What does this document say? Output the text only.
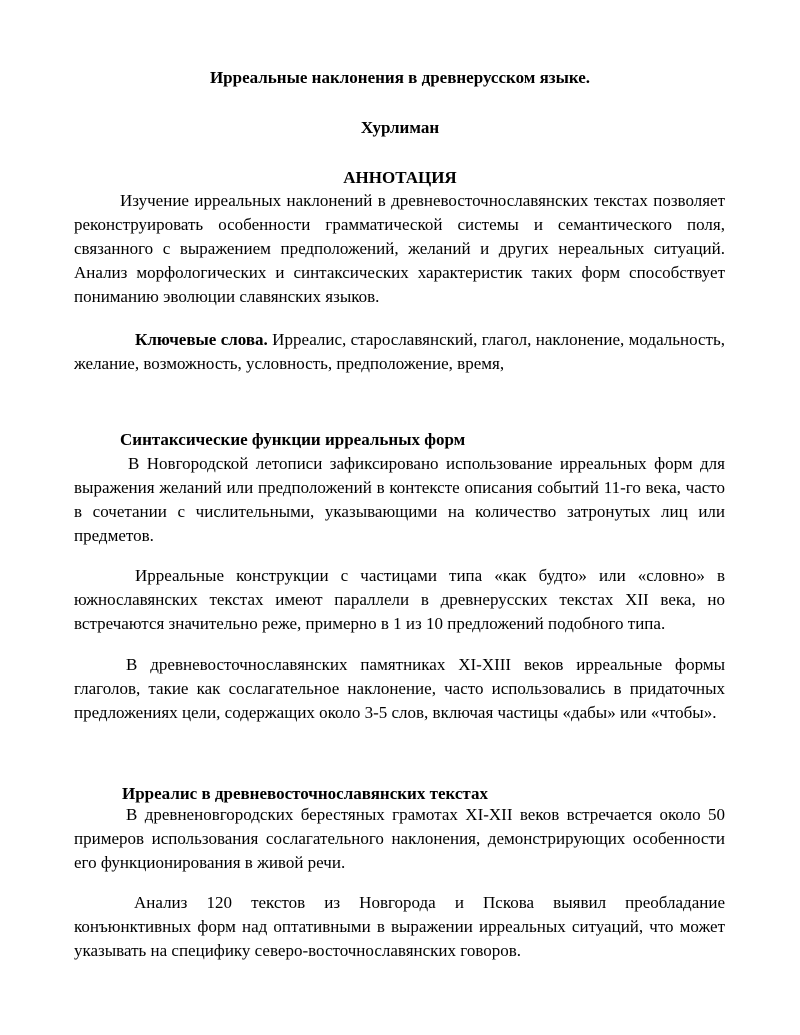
Ирреальные наклонения в древнерусском языке.

Хурлиман

АННОТАЦИЯ

Изучение ирреальных наклонений в древневосточнославянских текстах позволяет реконструировать особенности грамматической системы и семантического поля, связанного с выражением предположений, желаний и других нереальных ситуаций. Анализ морфологических и синтаксических характеристик таких форм способствует пониманию эволюции славянских языков.

Ключевые слова. Ирреалис, старославянский, глагол, наклонение, модальность, желание, возможность, условность, предположение, время,

Синтаксические функции ирреальных форм

В Новгородской летописи зафиксировано использование ирреальных форм для выражения желаний или предположений в контексте описания событий 11-го века, часто в сочетании с числительными, указывающими на количество затронутых лиц или предметов.

Ирреальные конструкции с частицами типа «как будто» или «словно» в южнославянских текстах имеют параллели в древнерусских текстах XII века, но встречаются значительно реже, примерно в 1 из 10 предложений подобного типа.

В древневосточнославянских памятниках XI-XIII веков ирреальные формы глаголов, такие как сослагательное наклонение, часто использовались в придаточных предложениях цели, содержащих около 3-5 слов, включая частицы «дабы» или «чтобы».

Ирреалис в древневосточнославянских текстах

В древненовгородских берестяных грамотах XI-XII веков встречается около 50 примеров использования сослагательного наклонения, демонстрирующих особенности его функционирования в живой речи.

Анализ 120 текстов из Новгорода и Пскова выявил преобладание конъюнктивных форм над оптативными в выражении ирреальных ситуаций, что может указывать на специфику северо-восточнославянских говоров.
